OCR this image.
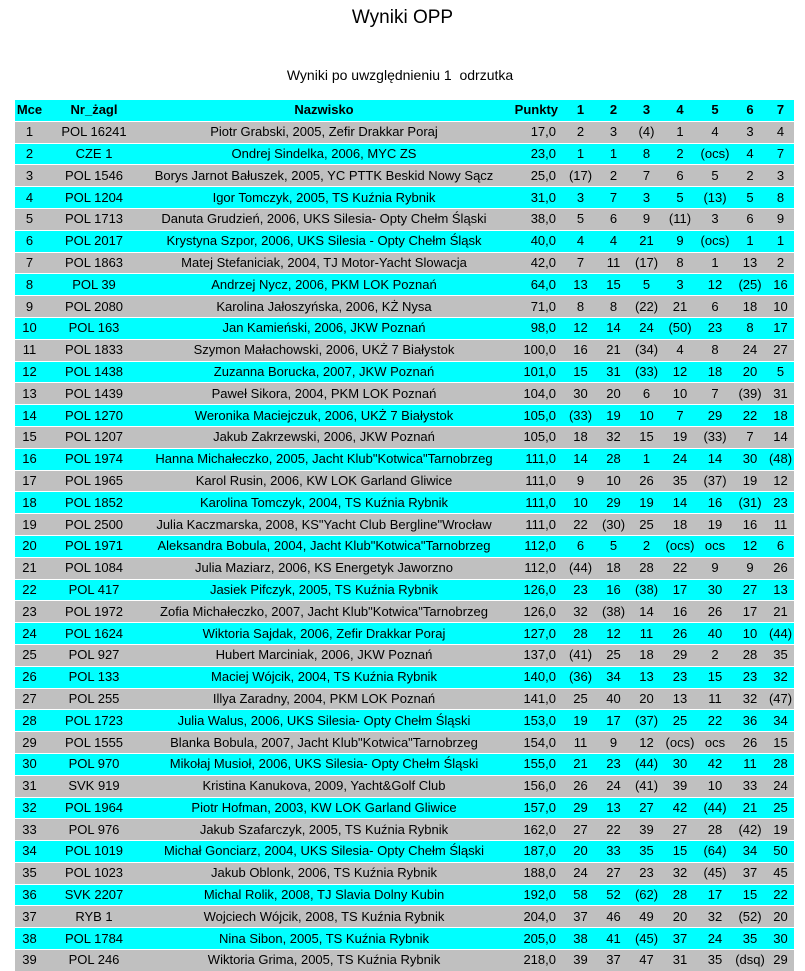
Wyniki OPP
Wyniki po uwzględnieniu 1  odrzutka
Mce	Nr_żagl	Nazwisko	Punkty	1	2	3	4	5	6	7
1	POL 16241	Piotr Grabski, 2005, Zefir Drakkar Poraj	17,0	2	3	(4)	1	4	3	4
2	CZE 1	Ondrej Sindelka, 2006, MYC ZS	23,0	1	1	8	2	(ocs)	4	7
3	POL 1546	Borys Jarnot Bałuszek, 2005, YC PTTK Beskid Nowy Sącz	25,0	(17)	2	7	6	5	2	3
4	POL 1204	Igor Tomczyk, 2005, TS Kuźnia Rybnik	31,0	3	7	3	5	(13)	5	8
5	POL 1713	Danuta Grudzień, 2006, UKS Silesia- Opty Chełm Śląski	38,0	5	6	9	(11)	3	6	9
6	POL 2017	Krystyna Szpor, 2006, UKS Silesia - Opty Chełm Śląsk	40,0	4	4	21	9	(ocs)	1	1
7	POL 1863	Matej Stefaniciak, 2004, TJ Motor-Yacht Slowacja	42,0	7	11	(17)	8	1	13	2
8	POL 39	Andrzej Nycz, 2006, PKM LOK Poznań	64,0	13	15	5	3	12	(25)	16
9	POL 2080	Karolina Jałoszyńska, 2006, KŻ Nysa	71,0	8	8	(22)	21	6	18	10
10	POL 163	Jan Kamieński, 2006, JKW Poznań	98,0	12	14	24	(50)	23	8	17
11	POL 1833	Szymon Małachowski, 2006, UKŻ 7 Białystok	100,0	16	21	(34)	4	8	24	27
12	POL 1438	Zuzanna Borucka, 2007, JKW Poznań	101,0	15	31	(33)	12	18	20	5
13	POL 1439	Paweł Sikora, 2004, PKM LOK Poznań	104,0	30	20	6	10	7	(39)	31
14	POL 1270	Weronika Maciejczuk, 2006, UKŻ 7 Białystok	105,0	(33)	19	10	7	29	22	18
15	POL 1207	Jakub Zakrzewski, 2006, JKW Poznań	105,0	18	32	15	19	(33)	7	14
16	POL 1974	Hanna Michałeczko, 2005, Jacht Klub"Kotwica"Tarnobrzeg	111,0	14	28	1	24	14	30	(48)
17	POL 1965	Karol Rusin, 2006, KW LOK Garland Gliwice	111,0	9	10	26	35	(37)	19	12
18	POL 1852	Karolina Tomczyk, 2004, TS Kuźnia Rybnik	111,0	10	29	19	14	16	(31)	23
19	POL 2500	Julia Kaczmarska, 2008, KS"Yacht Club Bergline"Wrocław	111,0	22	(30)	25	18	19	16	11
20	POL 1971	Aleksandra Bobula, 2004, Jacht Klub"Kotwica"Tarnobrzeg	112,0	6	5	2	(ocs)	ocs	12	6
21	POL 1084	Julia Maziarz, 2006, KS Energetyk Jaworzno	112,0	(44)	18	28	22	9	9	26
22	POL 417	Jasiek Pifczyk, 2005, TS Kuźnia Rybnik	126,0	23	16	(38)	17	30	27	13
23	POL 1972	Zofia Michałeczko, 2007, Jacht Klub"Kotwica"Tarnobrzeg	126,0	32	(38)	14	16	26	17	21
24	POL 1624	Wiktoria Sajdak, 2006, Zefir Drakkar Poraj	127,0	28	12	11	26	40	10	(44)
25	POL 927	Hubert Marciniak, 2006, JKW Poznań	137,0	(41)	25	18	29	2	28	35
26	POL 133	Maciej Wójcik, 2004, TS Kuźnia Rybnik	140,0	(36)	34	13	23	15	23	32
27	POL 255	Illya Zaradny, 2004, PKM LOK Poznań	141,0	25	40	20	13	11	32	(47)
28	POL 1723	Julia Walus, 2006, UKS Silesia- Opty Chełm Śląski	153,0	19	17	(37)	25	22	36	34
29	POL 1555	Blanka Bobula, 2007, Jacht Klub"Kotwica"Tarnobrzeg	154,0	11	9	12	(ocs)	ocs	26	15
30	POL 970	Mikołaj Musioł, 2006, UKS Silesia- Opty Chełm Śląski	155,0	21	23	(44)	30	42	11	28
31	SVK 919	Kristina Kanukova, 2009, Yacht&Golf Club	156,0	26	24	(41)	39	10	33	24
32	POL 1964	Piotr Hofman, 2003, KW LOK Garland Gliwice	157,0	29	13	27	42	(44)	21	25
33	POL 976	Jakub Szafarczyk, 2005, TS Kuźnia Rybnik	162,0	27	22	39	27	28	(42)	19
34	POL 1019	Michał Gonciarz, 2004, UKS Silesia- Opty Chełm Śląski	187,0	20	33	35	15	(64)	34	50
35	POL 1023	Jakub Oblonk, 2006, TS Kuźnia Rybnik	188,0	24	27	23	32	(45)	37	45
36	SVK 2207	Michal Rolik, 2008, TJ Slavia Dolny Kubin	192,0	58	52	(62)	28	17	15	22
37	RYB 1	Wojciech Wójcik, 2008, TS Kuźnia Rybnik	204,0	37	46	49	20	32	(52)	20
38	POL 1784	Nina Sibon, 2005, TS Kuźnia Rybnik	205,0	38	41	(45)	37	24	35	30
39	POL 246	Wiktoria Grima, 2005, TS Kuźnia Rybnik	218,0	39	37	47	31	35	(dsq)	29
